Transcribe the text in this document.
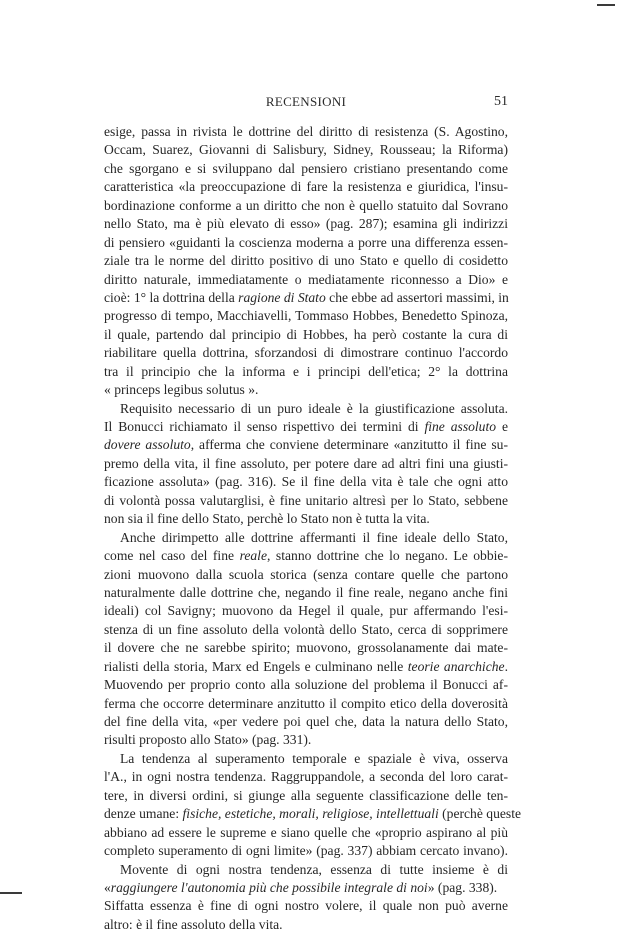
RECENSIONI	51
esige, passa in rivista le dottrine del diritto di resistenza (S. Agostino,
Occam, Suarez, Giovanni di Salisbury, Sidney, Rousseau; la Riforma)
che sgorgano e si sviluppano dal pensiero cristiano presentando come
caratteristica «la preoccupazione di fare la resistenza e giuridica, l'insu-
bordinazione conforme a un diritto che non è quello statuito dal Sovrano
nello Stato, ma è più elevato di esso» (pag. 287); esamina gli indirizzi
di pensiero «guidanti la coscienza moderna a porre una differenza essen-
ziale tra le norme del diritto positivo di uno Stato e quello di cosidetto
diritto naturale, immediatamente o mediatamente riconnesso a Dio» e
cioè: 1° la dottrina della ragione di Stato che ebbe ad assertori massimi, in
progresso di tempo, Macchiavelli, Tommaso Hobbes, Benedetto Spinoza,
il quale, partendo dal principio di Hobbes, ha però costante la cura di
riabilitare quella dottrina, sforzandosi di dimostrare continuo l'accordo
tra il principio che la informa e i principi dell'etica; 2° la dottrina
« princeps legibus solutus ».
Requisito necessario di un puro ideale è la giustificazione assoluta.
Il Bonucci richiamato il senso rispettivo dei termini di fine assoluto e
dovere assoluto, afferma che conviene determinare «anzitutto il fine su-
premo della vita, il fine assoluto, per potere dare ad altri fini una giusti-
ficazione assoluta» (pag. 316). Se il fine della vita è tale che ogni atto
di volontà possa valutarglisi, è fine unitario altresì per lo Stato, sebbene
non sia il fine dello Stato, perchè lo Stato non è tutta la vita.
Anche dirimpetto alle dottrine affermanti il fine ideale dello Stato,
come nel caso del fine reale, stanno dottrine che lo negano. Le obbie-
zioni muovono dalla scuola storica (senza contare quelle che partono
naturalmente dalle dottrine che, negando il fine reale, negano anche fini
ideali) col Savigny; muovono da Hegel il quale, pur affermando l'esi-
stenza di un fine assoluto della volontà dello Stato, cerca di sopprimere
il dovere che ne sarebbe spirito; muovono, grossolanamente dai mate-
rialisti della storia, Marx ed Engels e culminano nelle teorie anarchiche.
Muovendo per proprio conto alla soluzione del problema il Bonucci af-
ferma che occorre determinare anzitutto il compito etico della doverosità
del fine della vita, «per vedere poi quel che, data la natura dello Stato,
risulti proposto allo Stato» (pag. 331).
La tendenza al superamento temporale e spaziale è viva, osserva
l'A., in ogni nostra tendenza. Raggruppandole, a seconda del loro carat-
tere, in diversi ordini, si giunge alla seguente classificazione delle ten-
denze umane: fisiche, estetiche, morali, religiose, intellettuali (perchè queste
abbiano ad essere le supreme e siano quelle che «proprio aspirano al più
completo superamento di ogni limite» (pag. 337) abbiam cercato invano).
Movente di ogni nostra tendenza, essenza di tutte insieme è di
«raggiungere l'autonomia più che possibile integrale di noi» (pag. 338).
Siffatta essenza è fine di ogni nostro volere, il quale non può averne
altro: è il fine assoluto della vita.
